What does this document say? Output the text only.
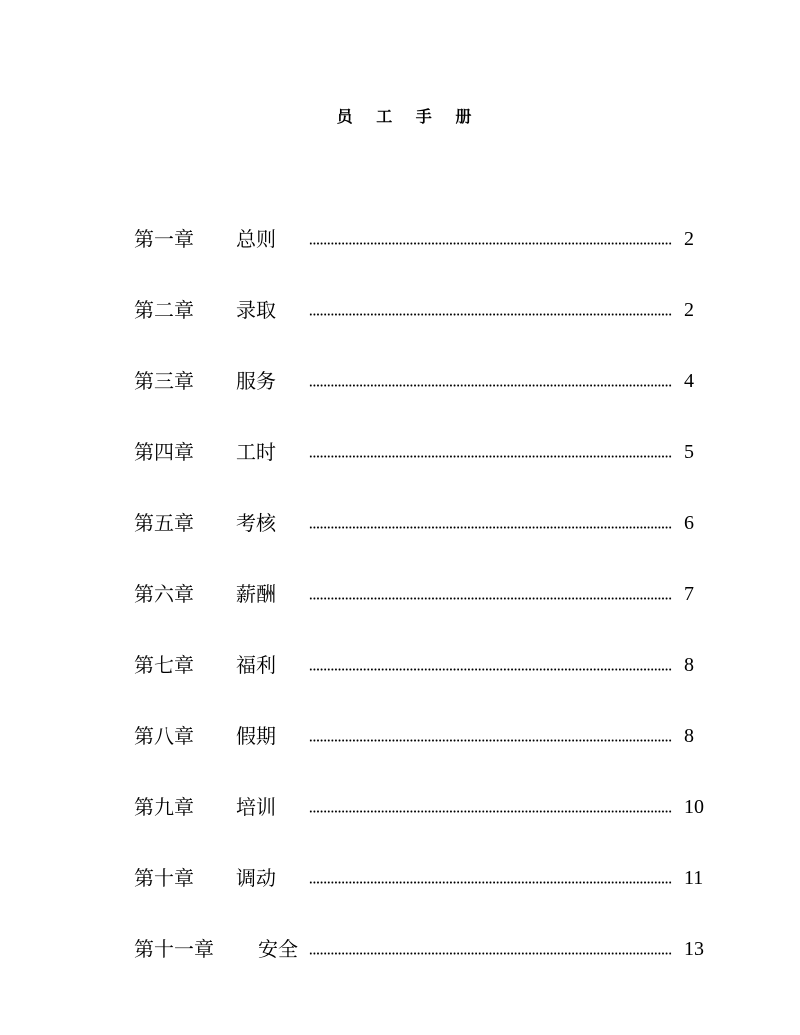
员 工 手 册
第一章 总则	2
第二章 录取	2
第三章 服务	4
第四章 工时	5
第五章 考核	6
第六章 薪酬	7
第七章 福利	8
第八章 假期	8
第九章 培训	10
第十章 调动	11
第十一章 安全	13
